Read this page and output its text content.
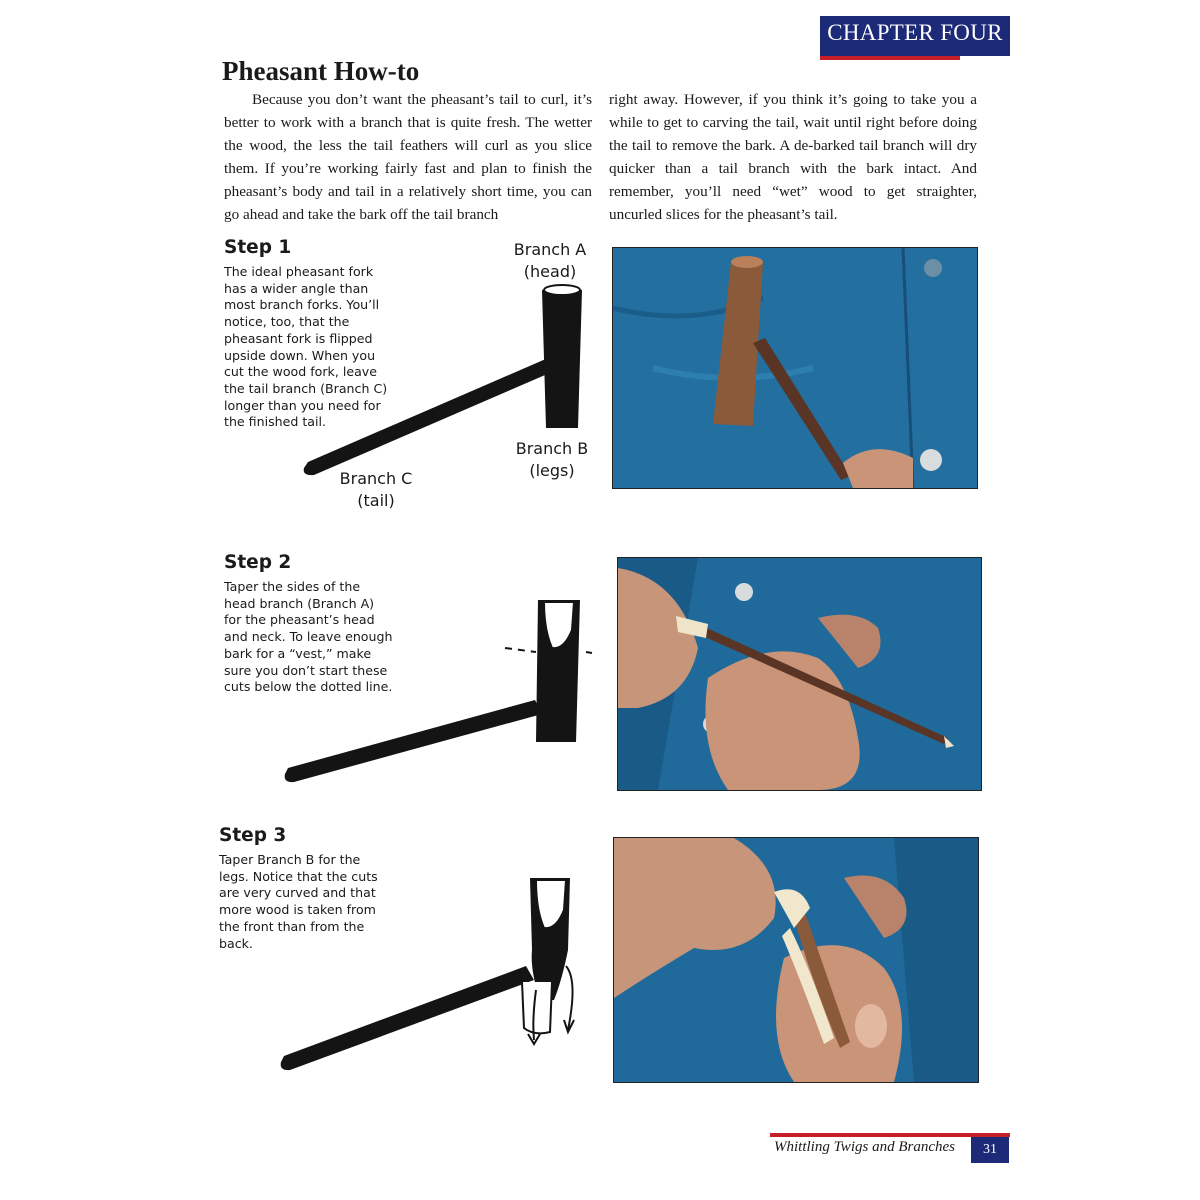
CHAPTER FOUR
Pheasant How-to

Because you don’t want the pheasant’s tail to curl, it’s better to work with a branch that is quite fresh. The wetter the wood, the less the tail feathers will curl as you slice them. If you’re working fairly fast and plan to finish the pheasant’s body and tail in a relatively short time, you can go ahead and take the bark off the tail branch

right away. However, if you think it’s going to take you a while to get to carving the tail, wait until right before doing the tail to remove the bark. A de-barked tail branch will dry quicker than a tail branch with the bark intact. And remember, you’ll need “wet” wood to get straighter, uncurled slices for the pheasant’s tail.

Step 1

The ideal pheasant fork has a wider angle than most branch forks. You’ll notice, too, that the pheasant fork is flipped upside down. When you cut the wood fork, leave the tail branch (Branch C) longer than you need for the finished tail.

Branch A
(head)
Branch B
(legs)
Branch C
(tail)
Step 2

Taper the sides of the head branch (Branch A) for the pheasant’s head and neck. To leave enough bark for a “vest,” make sure you don’t start these cuts below the dotted line.

Step 3

Taper Branch B for the legs. Notice that the cuts are very curved and that more wood is taken from the front than from the back.

Whittling Twigs and Branches	31
